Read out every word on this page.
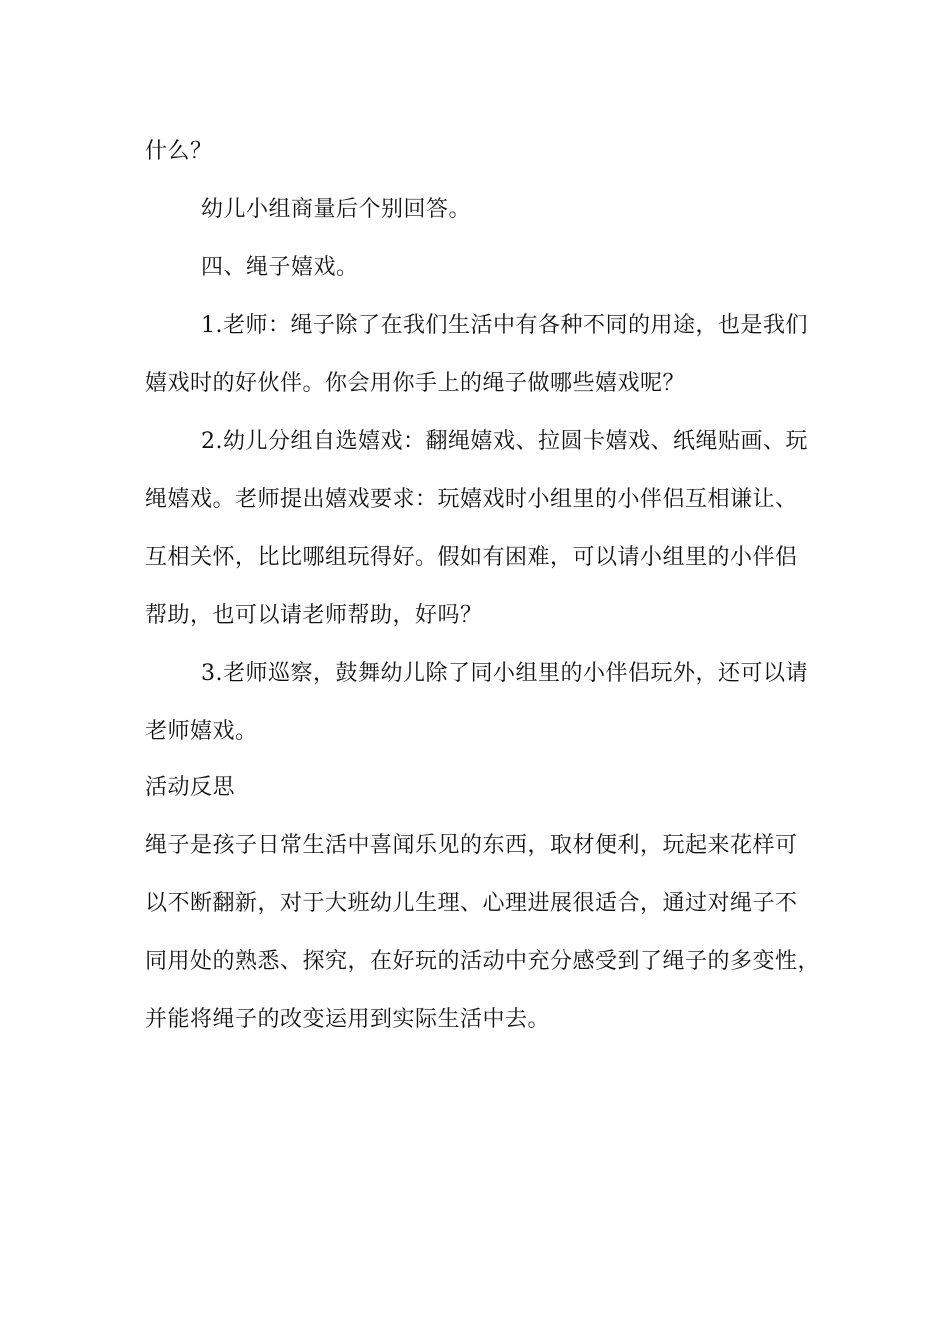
什么？
幼儿小组商量后个别回答。
四、绳子嬉戏。
1.老师：绳子除了在我们生活中有各种不同的用途，也是我们
嬉戏时的好伙伴。你会用你手上的绳子做哪些嬉戏呢？
2.幼儿分组自选嬉戏：翻绳嬉戏、拉圆卡嬉戏、纸绳贴画、玩
绳嬉戏。老师提出嬉戏要求：玩嬉戏时小组里的小伴侣互相谦让、
互相关怀，比比哪组玩得好。假如有困难，可以请小组里的小伴侣
帮助，也可以请老师帮助，好吗？
3.老师巡察，鼓舞幼儿除了同小组里的小伴侣玩外，还可以请
老师嬉戏。
活动反思
绳子是孩子日常生活中喜闻乐见的东西，取材便利，玩起来花样可
以不断翻新，对于大班幼儿生理、心理进展很适合，通过对绳子不
同用处的熟悉、探究，在好玩的活动中充分感受到了绳子的多变性，
并能将绳子的改变运用到实际生活中去。
